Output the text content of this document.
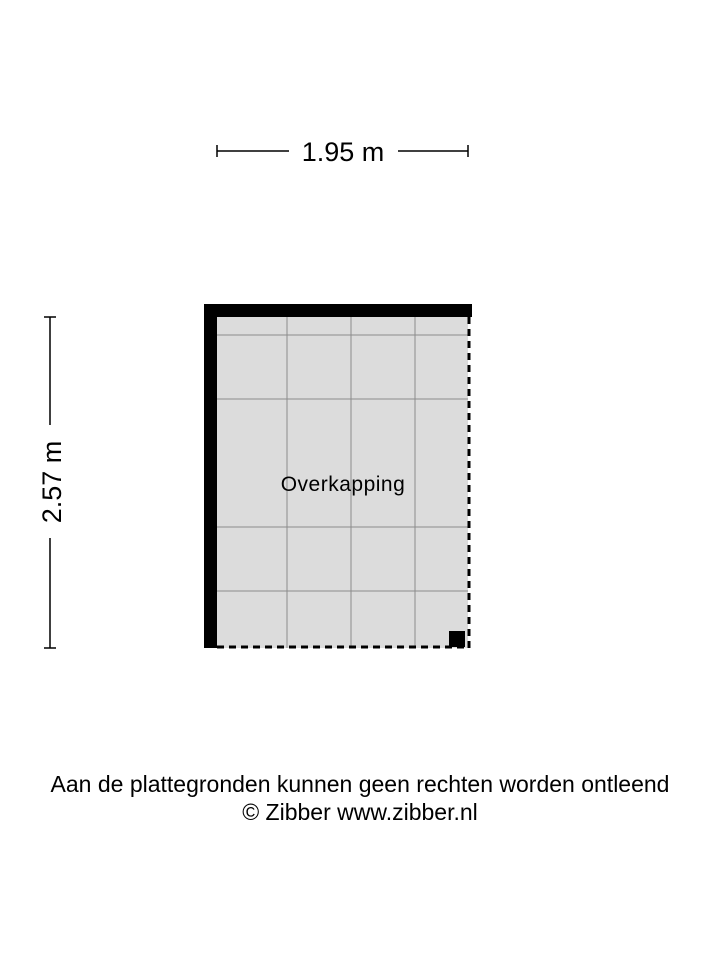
1.95 m
2.57 m	Overkapping
Aan de plattegronden kunnen geen rechten worden ontleend
© Zibber www.zibber.nl
